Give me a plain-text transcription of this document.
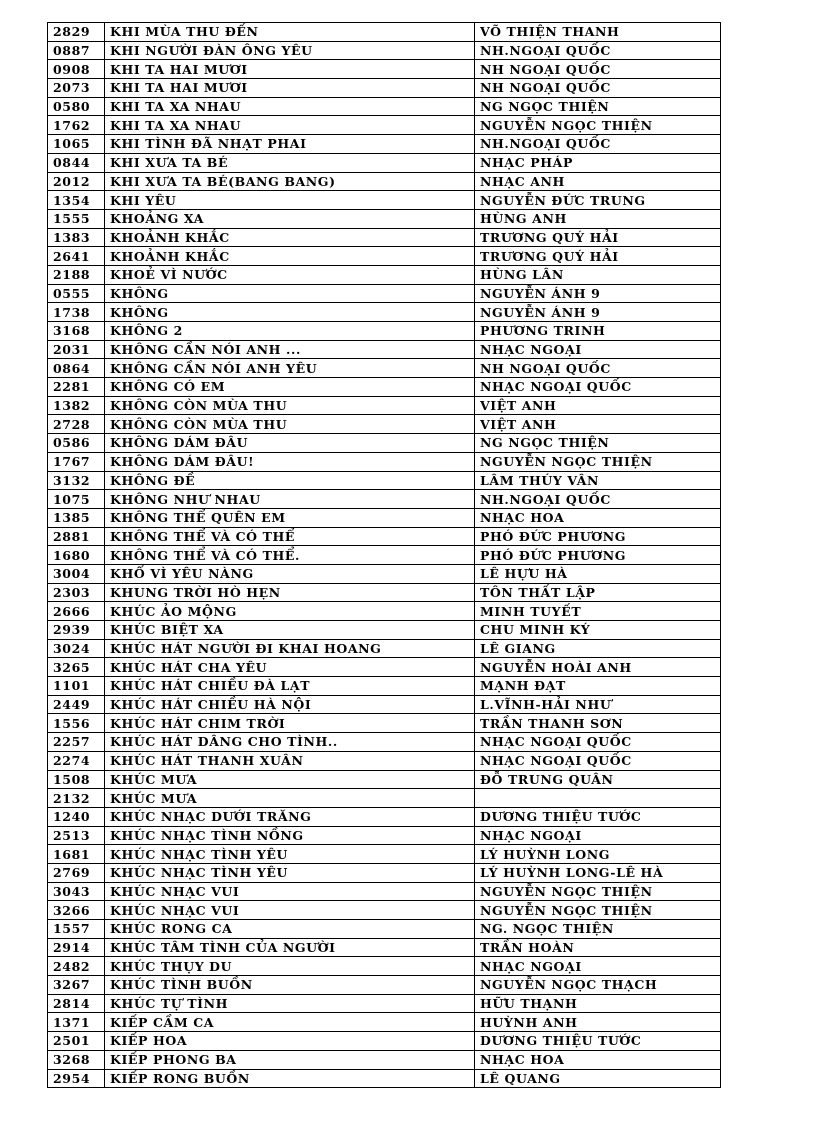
2829	KHI MÙA THU ĐẾN	VÕ THIỆN THANH
0887	KHI NGƯỜI ĐÀN ÔNG YÊU	NH.NGOẠI QUỐC
0908	KHI TA HAI MƯƠI	NH NGOẠI QUỐC
2073	KHI TA HAI MƯƠI	NH NGOẠI QUỐC
0580	KHI TA XA NHAU	NG NGỌC THIỆN
1762	KHI TA XA NHAU	NGUYỄN NGỌC THIỆN
1065	KHI TÌNH ĐÃ NHẠT PHAI	NH.NGOẠI QUỐC
0844	KHI XƯA TA BÉ	NHẠC PHÁP
2012	KHI XƯA TA BÉ(BANG BANG)	NHẠC ANH
1354	KHI YÊU	NGUYỄN ĐỨC TRUNG
1555	KHOẢNG XA	HÙNG ANH
1383	KHOẢNH KHẮC	TRƯƠNG QUÝ HẢI
2641	KHOẢNH KHẮC	TRƯƠNG QUÝ HẢI
2188	KHOẺ VÌ NƯỚC	HÙNG LÂN
0555	KHÔNG	NGUYỄN ÁNH 9
1738	KHÔNG	NGUYỄN ÁNH 9
3168	KHÔNG 2	PHƯƠNG TRINH
2031	KHÔNG CẦN NÓI ANH ...	NHẠC NGOẠI
0864	KHÔNG CẦN NÓI ANH YÊU	NH NGOẠI QUỐC
2281	KHÔNG CÓ EM	NHẠC NGOẠI QUỐC
1382	KHÔNG CÒN MÙA THU	VIỆT ANH
2728	KHÔNG CÒN MÙA THU	VIỆT ANH
0586	KHÔNG DÁM ĐÂU	NG NGỌC THIỆN
1767	KHÔNG DÁM ĐÂU!	NGUYỄN NGỌC THIỆN
3132	KHÔNG ĐỀ	LÂM THÚY VÂN
1075	KHÔNG NHƯ NHAU	NH.NGOẠI QUỐC
1385	KHÔNG THỂ QUÊN EM	NHẠC HOA
2881	KHÔNG THỂ VÀ CÓ THỂ	PHÓ ĐỨC PHƯƠNG
1680	KHÔNG THỂ VÀ CÓ THỂ.	PHÓ ĐỨC PHƯƠNG
3004	KHỔ VÌ YÊU NÀNG	LÊ HỰU HÀ
2303	KHUNG TRỜI HÒ HẸN	TÔN THẤT LẬP
2666	KHÚC ẢO MỘNG	MINH TUYẾT
2939	KHÚC BIỆT XA	CHU MINH KÝ
3024	KHÚC HÁT NGƯỜI ĐI KHAI HOANG	LÊ GIANG
3265	KHÚC HÁT CHA YÊU	NGUYỄN HOÀI ANH
1101	KHÚC HÁT CHIỀU ĐÀ LẠT	MẠNH ĐẠT
2449	KHÚC HÁT CHIỀU HÀ NỘI	L.VĨNH-HẢI NHƯ
1556	KHÚC HÁT CHIM TRỜI	TRẦN THANH SƠN
2257	KHÚC HÁT DÂNG CHO TÌNH..	NHẠC NGOẠI QUỐC
2274	KHÚC HÁT THANH XUÂN	NHẠC NGOẠI QUỐC
1508	KHÚC MƯA	ĐỖ TRUNG QUÂN
2132	KHÚC MƯA	
1240	KHÚC NHẠC DƯỚI TRĂNG	DƯƠNG THIỆU TƯỚC
2513	KHÚC NHẠC TÌNH NỒNG	NHẠC NGOẠI
1681	KHÚC NHẠC TÌNH YÊU	LÝ HUỲNH LONG
2769	KHÚC NHẠC TÌNH YÊU	LÝ HUỲNH LONG-LÊ HÀ
3043	KHÚC NHẠC VUI	NGUYỄN NGỌC THIỆN
3266	KHÚC NHẠC VUI	NGUYỄN NGỌC THIỆN
1557	KHÚC RONG CA	NG. NGỌC THIỆN
2914	KHÚC TÂM TÌNH CỦA NGƯỜI	TRẦN HOÀN
2482	KHÚC THỤY DU	NHẠC NGOẠI
3267	KHÚC TÌNH BUỒN	NGUYỄN NGỌC THẠCH
2814	KHÚC TỰ TÌNH	HỮU THẠNH
1371	KIẾP CẦM CA	HUỲNH ANH
2501	KIẾP HOA	DƯƠNG THIỆU TƯỚC
3268	KIẾP PHONG BA	NHẠC HOA
2954	KIẾP RONG BUỒN	LÊ QUANG
